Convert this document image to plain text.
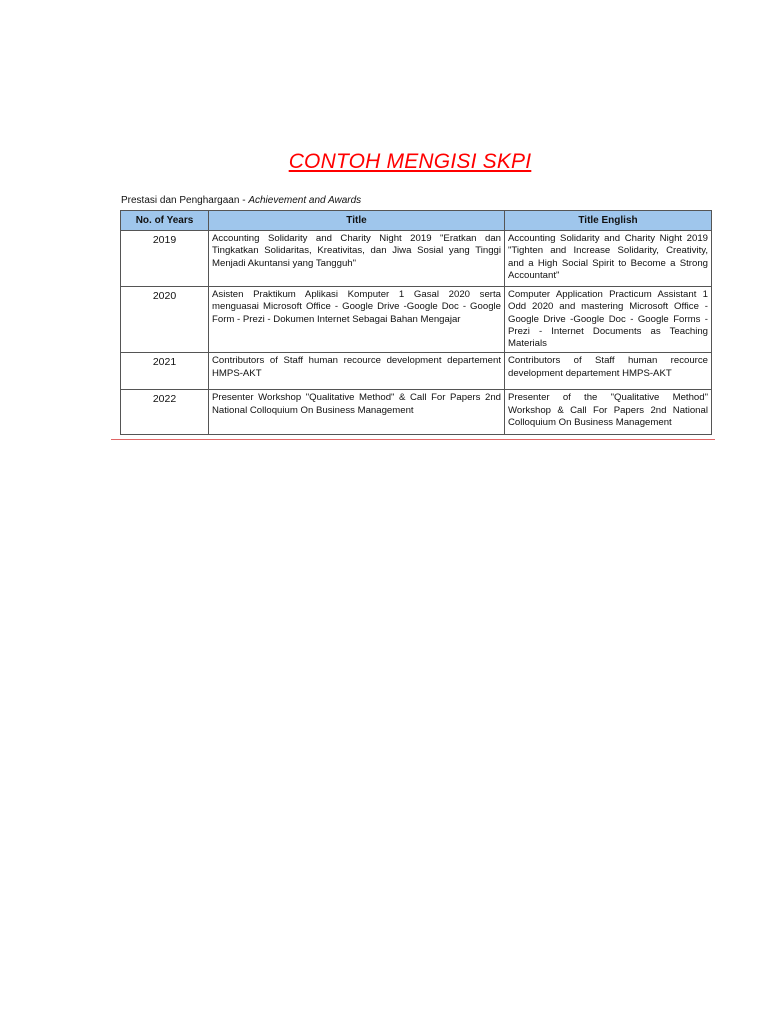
CONTOH MENGISI SKPI
Prestasi dan Penghargaan - Achievement and Awards
No. of Years	Title	Title English
2019	Accounting Solidarity and Charity Night 2019 "Eratkan dan Tingkatkan Solidaritas, Kreativitas, dan Jiwa Sosial yang Tinggi Menjadi Akuntansi yang Tangguh"	Accounting Solidarity and Charity Night 2019 "Tighten and Increase Solidarity, Creativity, and a High Social Spirit to Become a Strong Accountant"
2020	Asisten Praktikum Aplikasi Komputer 1 Gasal 2020 serta menguasai Microsoft Office - Google Drive -Google Doc - Google Form - Prezi - Dokumen Internet Sebagai Bahan Mengajar	Computer Application Practicum Assistant 1 Odd 2020 and mastering Microsoft Office - Google Drive -Google Doc - Google Forms - Prezi - Internet Documents as Teaching Materials
2021	Contributors of Staff human recource development departement HMPS-AKT	Contributors of Staff human recource development departement HMPS-AKT
2022	Presenter Workshop "Qualitative Method" & Call For Papers 2nd National Colloquium On Business Management	Presenter of the "Qualitative Method" Workshop & Call For Papers 2nd National Colloquium On Business Management
